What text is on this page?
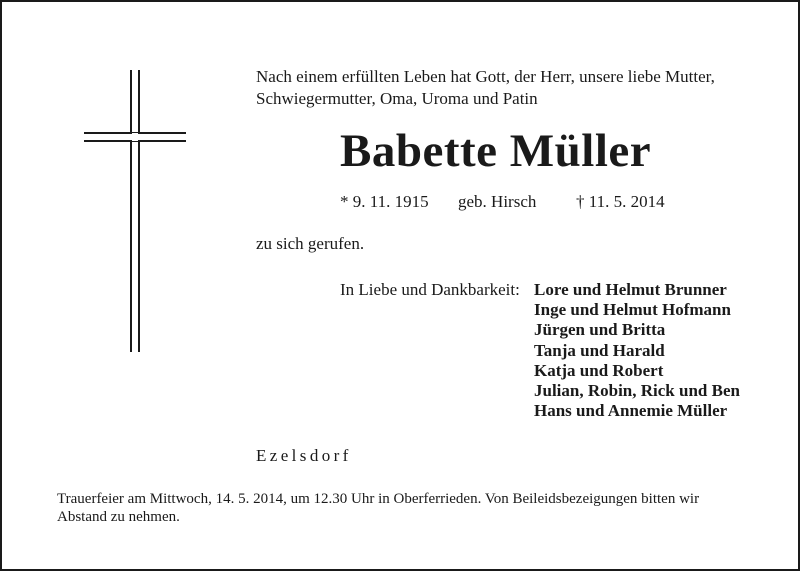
Nach einem erfüllten Leben hat Gott, der Herr, unsere liebe Mutter,
Schwiegermutter, Oma, Uroma und Patin
Babette Müller
* 9. 11. 1915 geb. Hirsch † 11. 5. 2014
zu sich gerufen.
In Liebe und Dankbarkeit: Lore und Helmut Brunner
Inge und Helmut Hofmann
Jürgen und Britta
Tanja und Harald
Katja und Robert
Julian, Robin, Rick und Ben
Hans und Annemie Müller
Ezelsdorf
Trauerfeier am Mittwoch, 14. 5. 2014, um 12.30 Uhr in Oberferrieden. Von Beileidsbezeigungen bitten wir
Abstand zu nehmen.
